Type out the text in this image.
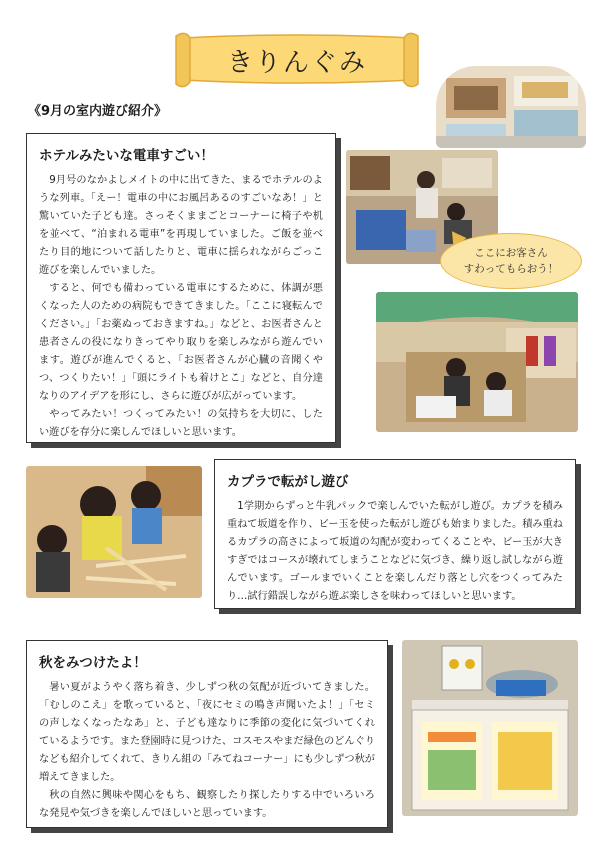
きりんぐみ
《9月の室内遊び紹介》
ホテルみたいな電車すごい！

9月号のなかよしメイトの中に出てきた、まるでホテルのような列車。「えー！電車の中にお風呂あるのすごいなあ！」と驚いていた子ども達。さっそくままごとコーナーに椅子や机を並べて、“泊まれる電車”を再現していました。ご飯を並べたり目的地について話したりと、電車に揺られながらごっこ遊びを楽しんでいました。

すると、何でも備わっている電車にするために、体調が悪くなった人のための病院もできてきました。「ここに寝転んでください。」「お薬ぬっておきますね。」などと、お医者さんと患者さんの役になりきってやり取りを楽しみながら遊んでいます。遊びが進んでくると、「お医者さんが心臓の音聞くやつ、つくりたい！」「頭にライトも着けとこ」などと、自分達なりのアイデアを形にし、さらに遊びが広がっています。

やってみたい！つくってみたい！の気持ちを大切に、したい遊びを存分に楽しんでほしいと思います。

ここにお客さん
すわってもらおう！
カプラで転がし遊び

1学期からずっと牛乳パックで楽しんでいた転がし遊び。カプラを積み重ねて坂道を作り、ビー玉を使った転がし遊びも始まりました。積み重ねるカプラの高さによって坂道の勾配が変わってくることや、ビー玉が大きすぎではコースが壊れてしまうことなどに気づき、繰り返し試しながら遊んでいます。ゴールまでいくことを楽しんだり落とし穴をつくってみたり…試行錯誤しながら遊ぶ楽しさを味わってほしいと思います。

秋をみつけたよ！

暑い夏がようやく落ち着き、少しずつ秋の気配が近づいてきました。「むしのこえ」を歌っていると、「夜にセミの鳴き声聞いたよ！」「セミの声しなくなったなあ」と、子ども達なりに季節の変化に気づいてくれているようです。また登園時に見つけた、コスモスやまだ緑色のどんぐりなども紹介してくれて、きりん組の「みてねコーナー」にも少しずつ秋が増えてきました。

秋の自然に興味や関心をもち、観察したり探したりする中でいろいろな発見や気づきを楽しんでほしいと思っています。
